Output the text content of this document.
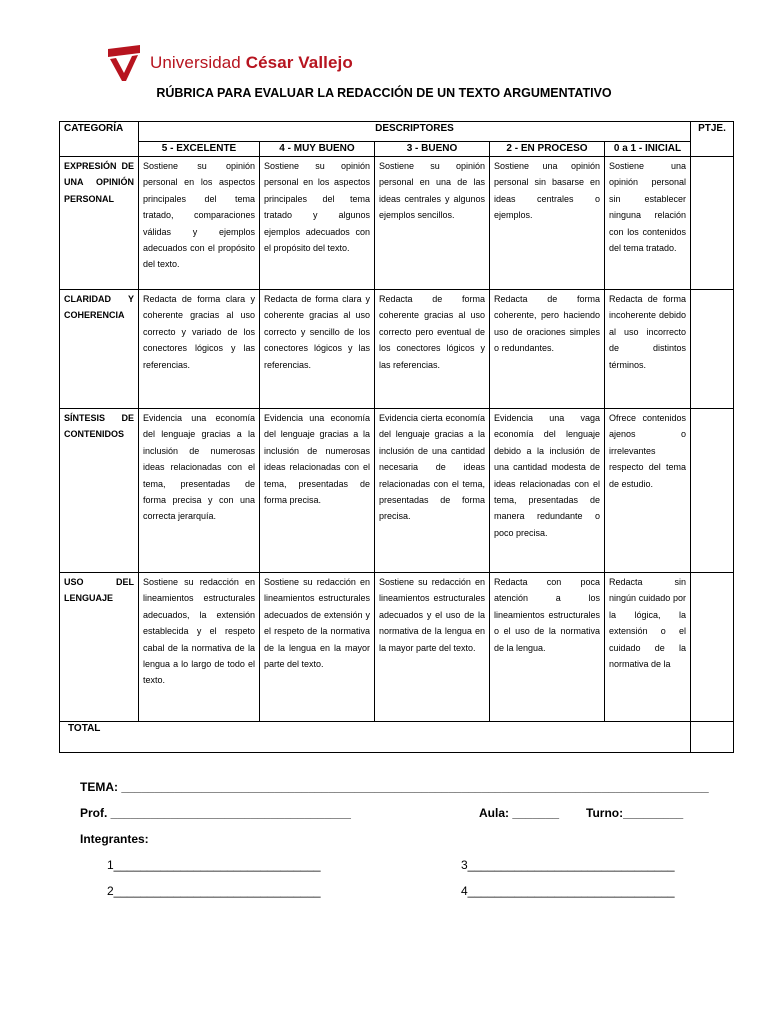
Universidad César Vallejo
RÚBRICA PARA EVALUAR LA REDACCIÓN DE UN TEXTO ARGUMENTATIVO
CATEGORÍA	DESCRIPTORES					PTJE.
	5 - EXCELENTE	4 - MUY BUENO	3 - BUENO	2 - EN PROCESO	0 a 1 - INICIAL	
EXPRESIÓN DE UNA OPINIÓN PERSONAL	Sostiene su opinión personal en los aspectos principales del tema tratado, comparaciones válidas y ejemplos adecuados con el propósito del texto.	Sostiene su opinión personal en los aspectos principales del tema tratado y algunos ejemplos adecuados con el propósito del texto.	Sostiene su opinión personal en una de las ideas centrales y algunos ejemplos sencillos.	Sostiene una opinión personal sin basarse en ideas centrales o ejemplos.	Sostiene una opinión personal sin establecer ninguna relación con los contenidos del tema tratado.	
CLARIDAD Y COHERENCIA	Redacta de forma clara y coherente gracias al uso correcto y variado de los conectores lógicos y las referencias.	Redacta de forma clara y coherente gracias al uso correcto y sencillo de los conectores lógicos y las referencias.	Redacta de forma coherente gracias al uso correcto pero eventual de los conectores lógicos y las referencias.	Redacta de forma coherente, pero haciendo uso de oraciones simples o redundantes.	Redacta de forma incoherente debido al uso incorrecto de distintos términos.	
SÍNTESIS DE CONTENIDOS	Evidencia una economía del lenguaje gracias a la inclusión de numerosas ideas relacionadas con el tema, presentadas de forma precisa y con una correcta jerarquía.	Evidencia una economía del lenguaje gracias a la inclusión de numerosas ideas relacionadas con el tema, presentadas de forma precisa.	Evidencia cierta economía del lenguaje gracias a la inclusión de una cantidad necesaria de ideas relacionadas con el tema, presentadas de forma precisa.	Evidencia una vaga economía del lenguaje debido a la inclusión de una cantidad modesta de ideas relacionadas con el tema, presentadas de manera redundante o poco precisa.	Ofrece contenidos ajenos o irrelevantes respecto del tema de estudio.	
USO DEL LENGUAJE	Sostiene su redacción en lineamientos estructurales adecuados, la extensión establecida y el respeto cabal de la normativa de la lengua a lo largo de todo el texto.	Sostiene su redacción en lineamientos estructurales adecuados de extensión y el respeto de la normativa de la lengua en la mayor parte del texto.	Sostiene su redacción en lineamientos estructurales adecuados y el uso de la normativa de la lengua en la mayor parte del texto.	Redacta con poca atención a los lineamientos estructurales o el uso de la normativa de la lengua.	Redacta sin ningún cuidado por la lógica, la extensión o el cuidado de la normativa de la	
TOTAL						
TEMA: ________________________________________________________________________________________
Prof. ____________________________________	Aula: _______ Turno:_________
Integrantes:
1_______________________________	3_______________________________
2_______________________________	4_______________________________
